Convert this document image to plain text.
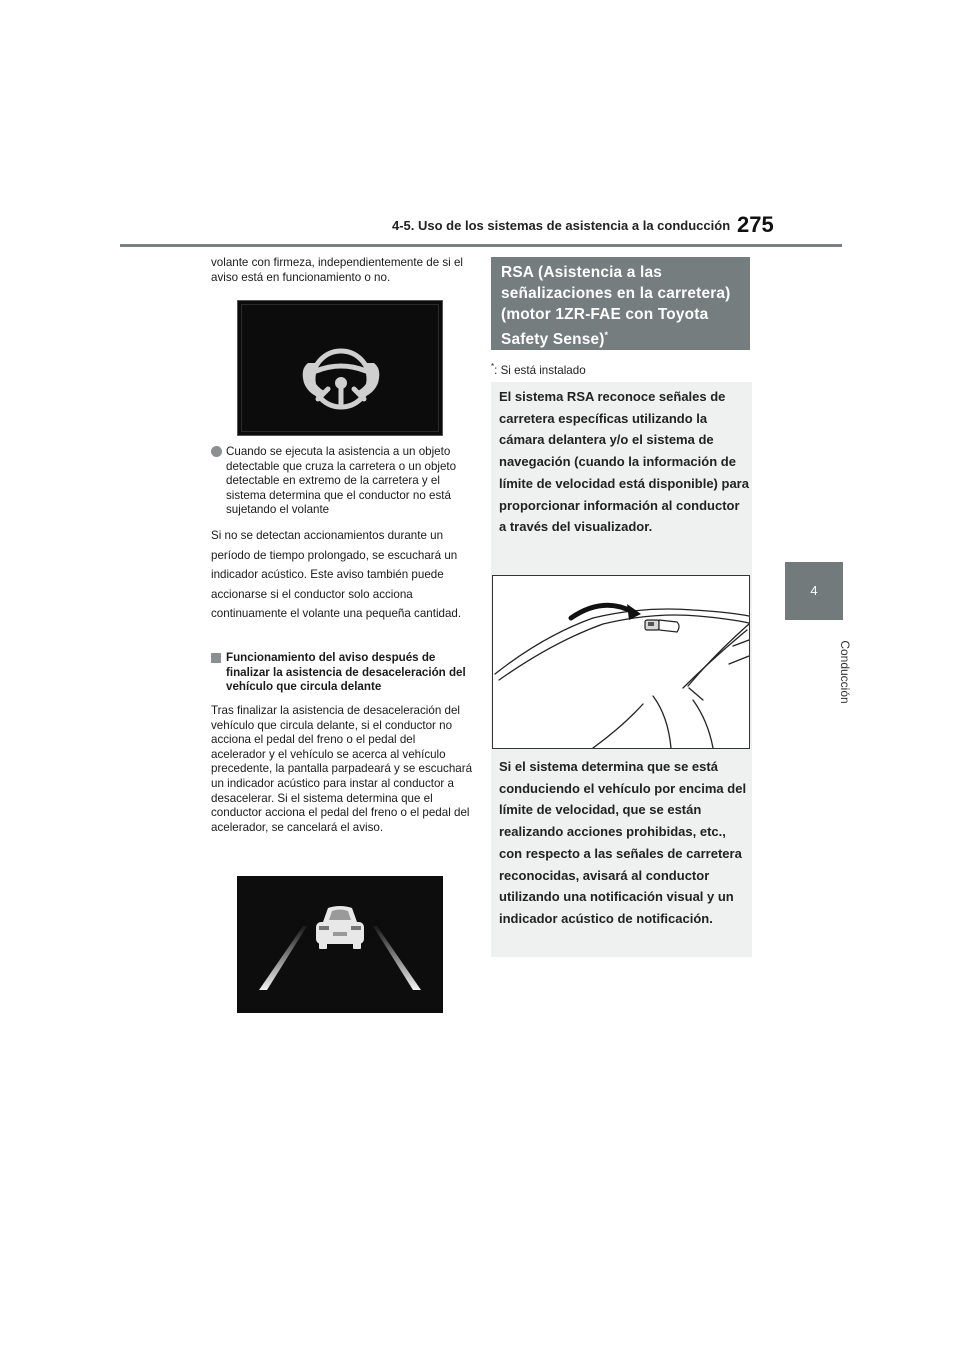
4-5. Uso de los sistemas de asistencia a la conducción 275
4
Conducción
volante con firmeza, independientemente de si el aviso está en funcionamiento o no.
Cuando se ejecuta la asistencia a un objeto detectable que cruza la carretera o un objeto detectable en extremo de la carretera y el sistema determina que el conductor no está sujetando el volante
Si no se detectan accionamientos durante un período de tiempo prolongado, se escuchará un indicador acústico. Este aviso también puede accionarse si el conductor solo acciona continuamente el volante una pequeña cantidad.
Funcionamiento del aviso después de finalizar la asistencia de desaceleración del vehículo que circula delante
Tras finalizar la asistencia de desaceleración del vehículo que circula delante, si el conductor no acciona el pedal del freno o el pedal del acelerador y el vehículo se acerca al vehículo precedente, la pantalla parpadeará y se escuchará un indicador acústico para instar al conductor a desacelerar. Si el sistema determina que el conductor acciona el pedal del freno o el pedal del acelerador, se cancelará el aviso.
RSA (Asistencia a las señalizaciones en la carretera) (motor 1ZR-FAE con Toyota Safety Sense)*
*: Si está instalado
El sistema RSA reconoce señales de carretera específicas utilizando la cámara delantera y/o el sistema de navegación (cuando la información de límite de velocidad está disponible) para proporcionar información al conductor a través del visualizador.
Si el sistema determina que se está conduciendo el vehículo por encima del límite de velocidad, que se están realizando acciones prohibidas, etc., con respecto a las señales de carretera reconocidas, avisará al conductor utilizando una notificación visual y un indicador acústico de notificación.
